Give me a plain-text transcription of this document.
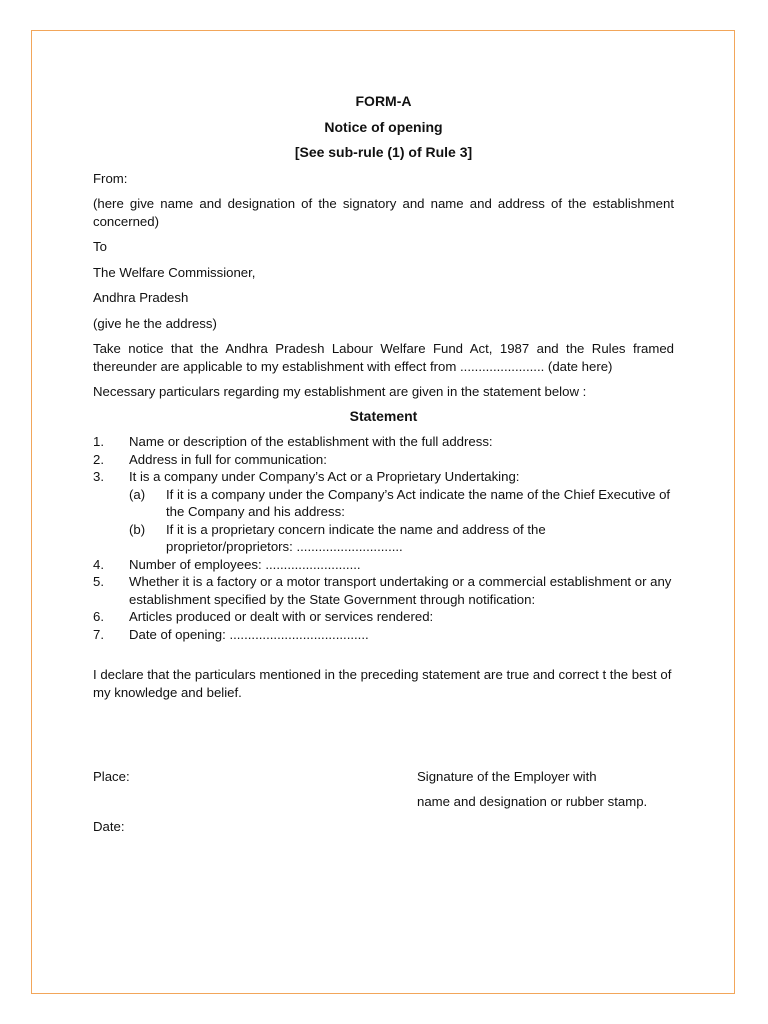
FORM-A
Notice of opening
[See sub-rule (1) of Rule 3]

From:

(here give name and designation of the signatory and name and address of the establishment concerned)

To

The Welfare Commissioner,

Andhra Pradesh

(give he the address)

Take notice that the Andhra Pradesh Labour Welfare Fund Act, 1987 and the Rules framed thereunder are applicable to my establishment with effect from ....................... (date here)

Necessary particulars regarding my establishment are given in the statement below :

Statement
1. Name or description of the establishment with the full address:
2. Address in full for communication:
3. It is a company under Company’s Act or a Proprietary Undertaking:
(a) If it is a company under the Company’s Act indicate the name of the Chief Executive of the Company and his address:
(b) If it is a proprietary concern indicate the name and address of the proprietor/proprietors: .............................
4. Number of employees: ..........................
5. Whether it is a factory or a motor transport undertaking or a commercial establishment or any establishment specified by the State Government through notification:
6. Articles produced or dealt with or services rendered:
7. Date of opening: ......................................

I declare that the particulars mentioned in the preceding statement are true and correct t the best of my knowledge and belief.

Place:	Signature of the Employer with
name and designation or rubber stamp.
Date:
